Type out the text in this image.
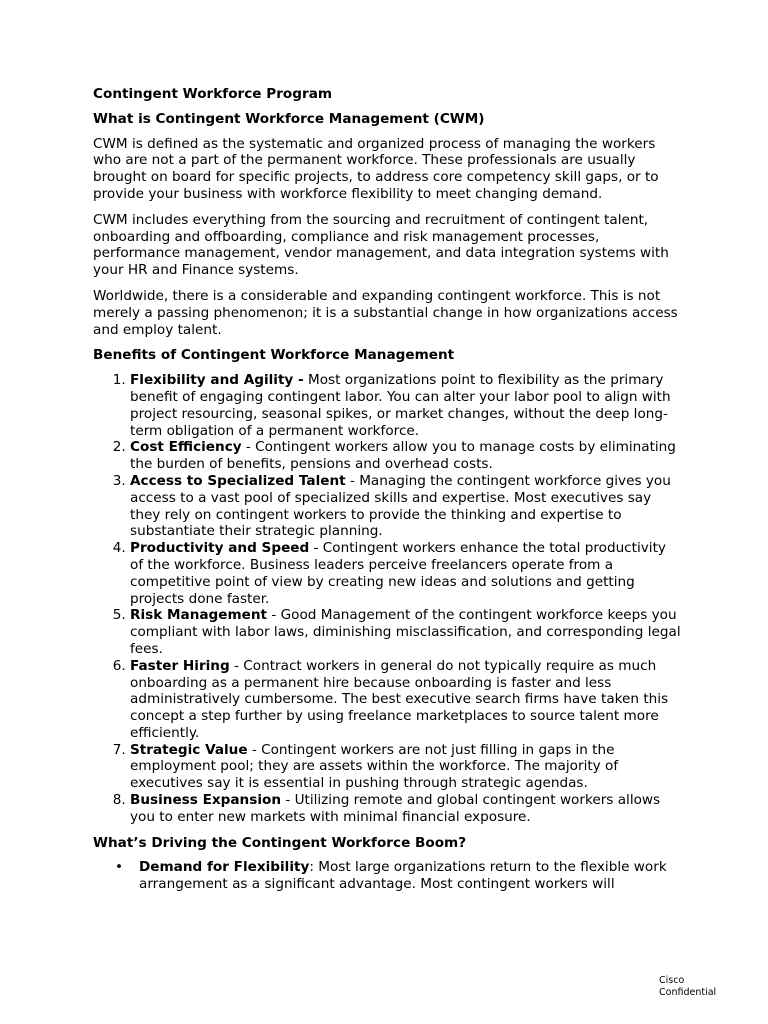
Contingent Workforce Program
What is Contingent Workforce Management (CWM)

CWM is defined as the systematic and organized process of managing the workers who are not a part of the permanent workforce. These professionals are usually brought on board for specific projects, to address core competency skill gaps, or to provide your business with workforce flexibility to meet changing demand.

CWM includes everything from the sourcing and recruitment of contingent talent, onboarding and offboarding, compliance and risk management processes, performance management, vendor management, and data integration systems with your HR and Finance systems.

Worldwide, there is a considerable and expanding contingent workforce. This is not merely a passing phenomenon; it is a substantial change in how organizations access and employ talent.

Benefits of Contingent Workforce Management
1. Flexibility and Agility - Most organizations point to flexibility as the primary benefit of engaging contingent labor. You can alter your labor pool to align with project resourcing, seasonal spikes, or market changes, without the deep long-term obligation of a permanent workforce.
2. Cost Efficiency - Contingent workers allow you to manage costs by eliminating the burden of benefits, pensions and overhead costs.
3. Access to Specialized Talent - Managing the contingent workforce gives you access to a vast pool of specialized skills and expertise. Most executives say they rely on contingent workers to provide the thinking and expertise to substantiate their strategic planning.
4. Productivity and Speed - Contingent workers enhance the total productivity of the workforce. Business leaders perceive freelancers operate from a competitive point of view by creating new ideas and solutions and getting projects done faster.
5. Risk Management - Good Management of the contingent workforce keeps you compliant with labor laws, diminishing misclassification, and corresponding legal fees.
6. Faster Hiring - Contract workers in general do not typically require as much onboarding as a permanent hire because onboarding is faster and less administratively cumbersome. The best executive search firms have taken this concept a step further by using freelance marketplaces to source talent more efficiently.
7. Strategic Value - Contingent workers are not just filling in gaps in the employment pool; they are assets within the workforce. The majority of executives say it is essential in pushing through strategic agendas.
8. Business Expansion - Utilizing remote and global contingent workers allows you to enter new markets with minimal financial exposure.
What’s Driving the Contingent Workforce Boom?
• Demand for Flexibility: Most large organizations return to the flexible work arrangement as a significant advantage. Most contingent workers will
Cisco
Confidential
